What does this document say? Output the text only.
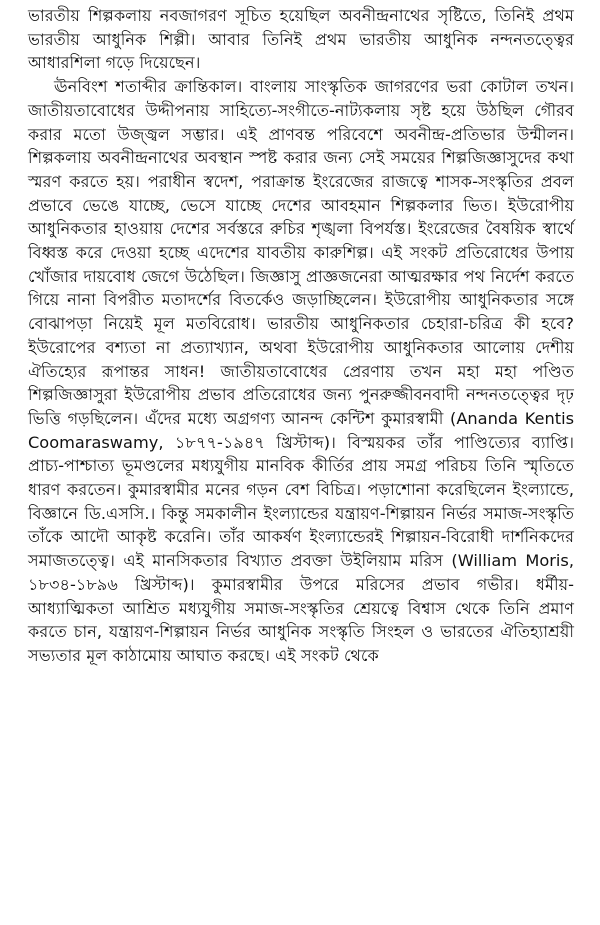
ভারতীয় শিল্পকলায় নবজাগরণ সূচিত হয়েছিল অবনীন্দ্রনাথের সৃষ্টিতে, তিনিই প্রথম ভারতীয় আধুনিক শিল্পী। আবার তিনিই প্রথম ভারতীয় আধুনিক নন্দনতত্ত্বের আধারশিলা গড়ে দিয়েছেন।

ঊনবিংশ শতাব্দীর ক্রান্তিকাল। বাংলায় সাংস্কৃতিক জাগরণের ভরা কোটাল তখন। জাতীয়তাবোধের উদ্দীপনায় সাহিত্যে-সংগীতে-নাট্যকলায় সৃষ্ট হয়ে উঠছিল গৌরব করার মতো উজ্জ্বল সম্ভার। এই প্রাণবন্ত পরিবেশে অবনীন্দ্র-প্রতিভার উন্মীলন। শিল্পকলায় অবনীন্দ্রনাথের অবস্থান স্পষ্ট করার জন্য সেই সময়ের শিল্পজিজ্ঞাসুদের কথা স্মরণ করতে হয়। পরাধীন স্বদেশ, পরাক্রান্ত ইংরেজের রাজত্বে শাসক-সংস্কৃতির প্রবল প্রভাবে ভেঙে যাচ্ছে, ভেসে যাচ্ছে দেশের আবহমান শিল্পকলার ভিত। ইউরোপীয় আধুনিকতার হাওয়ায় দেশের সর্বস্তরে রুচির শৃঙ্খলা বিপর্যস্ত। ইংরেজের বৈষয়িক স্বার্থে বিধ্বস্ত করে দেওয়া হচ্ছে এদেশের যাবতীয় কারুশিল্প। এই সংকট প্রতিরোধের উপায় খোঁজার দায়বোধ জেগে উঠেছিল। জিজ্ঞাসু প্রাজ্ঞজনেরা আত্মরক্ষার পথ নির্দেশ করতে গিয়ে নানা বিপরীত মতাদর্শের বিতর্কেও জড়াচ্ছিলেন। ইউরোপীয় আধুনিকতার সঙ্গে বোঝাপড়া নিয়েই মূল মতবিরোধ। ভারতীয় আধুনিকতার চেহারা-চরিত্র কী হবে? ইউরোপের বশ্যতা না প্রত্যাখ্যান, অথবা ইউরোপীয় আধুনিকতার আলোয় দেশীয় ঐতিহ্যের রূপান্তর সাধন! জাতীয়তাবোধের প্রেরণায় তখন মহা মহা পণ্ডিত শিল্পজিজ্ঞাসুরা ইউরোপীয় প্রভাব প্রতিরোধের জন্য পুনরুজ্জীবনবাদী নন্দনতত্ত্বের দৃঢ় ভিত্তি গড়ছিলেন। এঁদের মধ্যে অগ্রগণ্য আনন্দ কেন্টিশ কুমারস্বামী (Ananda Kentis Coomaraswamy, ১৮৭৭-১৯৪৭ খ্রিস্টাব্দ)। বিস্ময়কর তাঁর পাণ্ডিত্যের ব্যাপ্তি। প্রাচ্য-পাশ্চাত্য ভূমণ্ডলের মধ্যযুগীয় মানবিক কীর্তির প্রায় সমগ্র পরিচয় তিনি স্মৃতিতে ধারণ করতেন। কুমারস্বামীর মনের গড়ন বেশ বিচিত্র। পড়াশোনা করেছিলেন ইংল্যান্ডে, বিজ্ঞানে ডি.এসসি.। কিন্তু সমকালীন ইংল্যান্ডের যন্ত্রায়ণ-শিল্পায়ন নির্ভর সমাজ-সংস্কৃতি তাঁকে আদৌ আকৃষ্ট করেনি। তাঁর আকর্ষণ ইংল্যান্ডেরই শিল্পায়ন-বিরোধী দার্শনিকদের সমাজতত্ত্বে। এই মানসিকতার বিখ্যাত প্রবক্তা উইলিয়াম মরিস (William Moris, ১৮৩৪-১৮৯৬ খ্রিস্টাব্দ)। কুমারস্বামীর উপরে মরিসের প্রভাব গভীর। ধর্মীয়-আধ্যাত্মিকতা আশ্রিত মধ্যযুগীয় সমাজ-সংস্কৃতির শ্রেয়ত্বে বিশ্বাস থেকে তিনি প্রমাণ করতে চান, যন্ত্রায়ণ-শিল্পায়ন নির্ভর আধুনিক সংস্কৃতি সিংহল ও ভারতের ঐতিহ্যাশ্রয়ী সভ্যতার মূল কাঠামোয় আঘাত করছে। এই সংকট থেকে
